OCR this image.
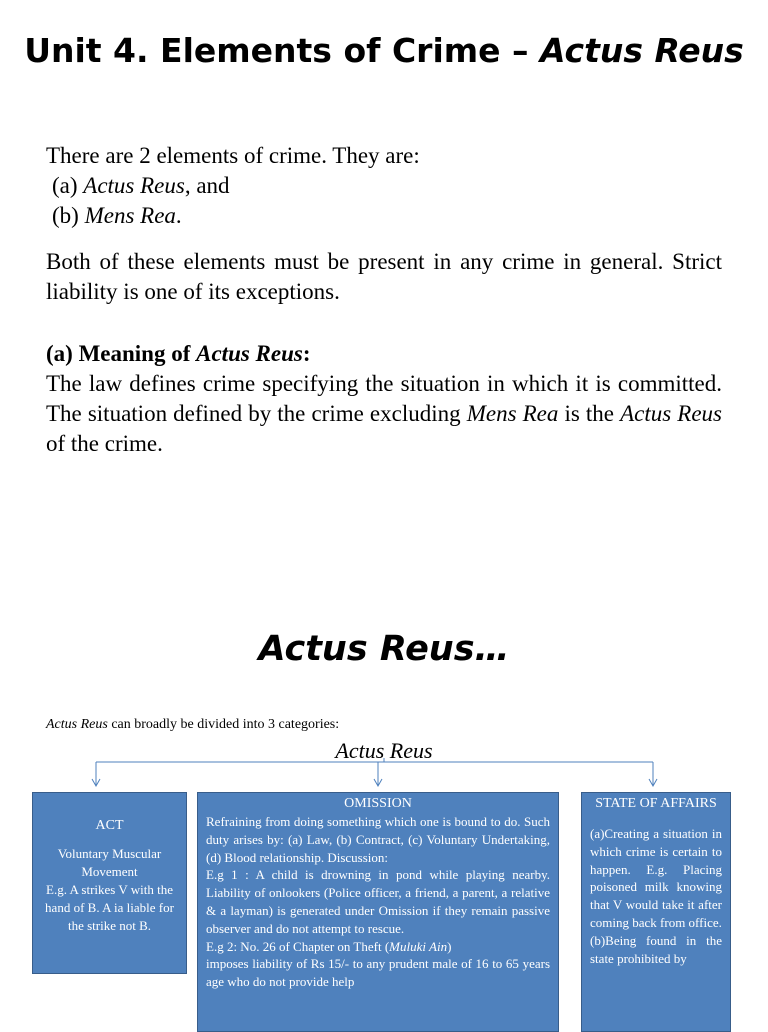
Unit 4. Elements of Crime – Actus Reus

There are 2 elements of crime. They are:

(a) Actus Reus, and

(b) Mens Rea.

Both of these elements must be present in any crime in general. Strict liability is one of its exceptions.

(a) Meaning of Actus Reus:

The law defines crime specifying the situation in which it is committed. The situation defined by the crime excluding Mens Rea is the Actus Reus of the crime.

Actus Reus…
Actus Reus can broadly be divided into 3 categories:
Actus Reus
ACT
Voluntary Muscular Movement
E.g. A strikes V with the hand of B. A ia liable for the strike not B.
OMISSION

Refraining from doing something which one is bound to do. Such duty arises by: (a) Law, (b) Contract, (c) Voluntary Undertaking, (d) Blood relationship. Discussion:

E.g 1 : A child is drowning in pond while playing nearby. Liability of onlookers (Police officer, a friend, a parent, a relative & a layman) is generated under Omission if they remain passive observer and do not attempt to rescue.

E.g 2: No. 26 of Chapter on Theft (Muluki Ain)

imposes liability of Rs 15/- to any prudent male of 16 to 65 years age who do not provide help

STATE OF AFFAIRS

(a)Creating a situation in which crime is certain to happen. E.g. Placing poisoned milk knowing that V would take it after coming back from office.

(b)Being found in the state prohibited by
